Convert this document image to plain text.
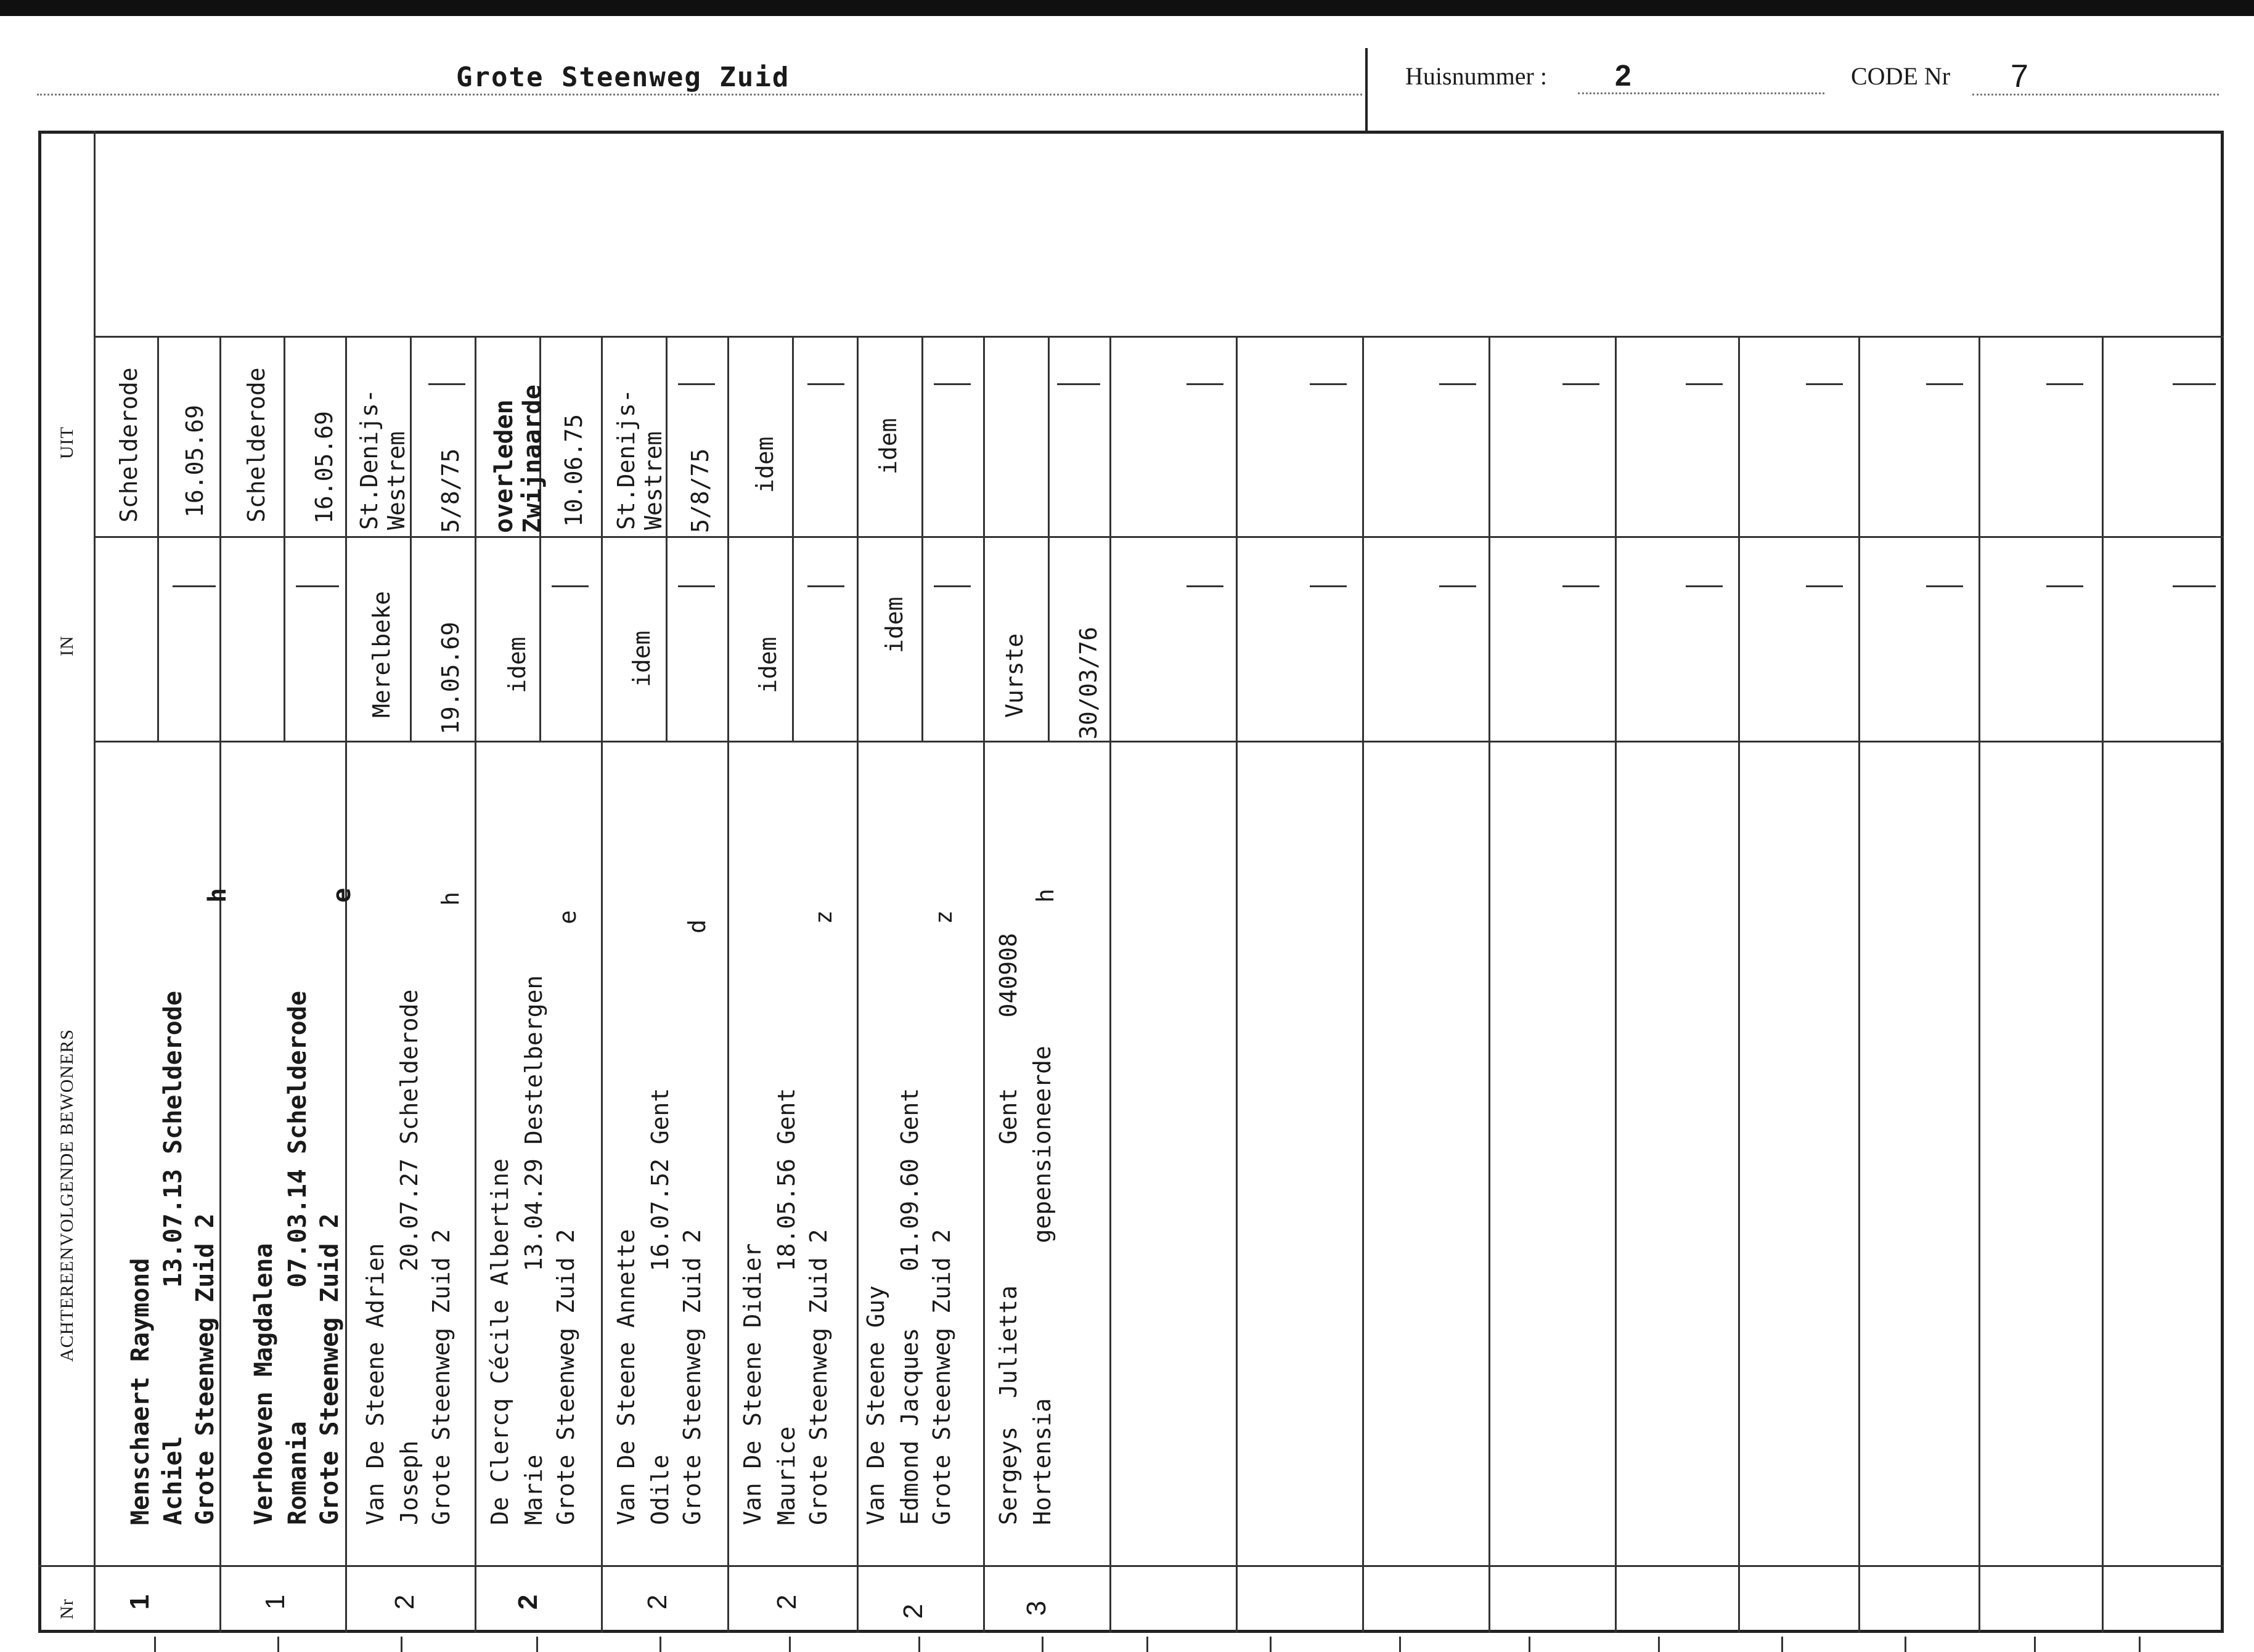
Grote Steenweg Zuid	Huisnummer : 2	CODE Nr 7
UIT
IN
ACHTEREENVOLGENDE BEWONERS
Nr
Schelderode 16.05.69
Menschaert Raymond Achiel          13.07.13 Schelderode Grote Steenweg Zuid 2
h
1
Schelderode 16.05.69
Verhoeven Magdalena Romania         07.03.14 Schelderode Grote Steenweg Zuid 2
e
1
St.Denijs-
Westrem 5/8/75
Merelbeke 19.05.69
Van De Steene Adrien Joseph            20.07.27 Schelderode Grote Steenweg Zuid 2
h
2
overleden
Zwijnaarde 10.06.75
idem
De Clercq Cécile Albertine Marie             13.04.29 Destelbergen Grote Steenweg Zuid 2
e
2
St.Denijs-
Westrem 5/8/75
idem
Van De Steene Annette Odile             16.07.52 Gent Grote Steenweg Zuid 2
d
2
idem
idem
Van De Steene Didier Maurice           18.05.56 Gent Grote Steenweg Zuid 2
z
2
idem
idem
Van De Steene Guy Edmond Jacques    01.09.60 Gent Grote Steenweg Zuid 2
z
2
Vurste 30/03/76
Sergeys  Julietta          Gent     040908 Hortensia           gepensioneerde
h
3
